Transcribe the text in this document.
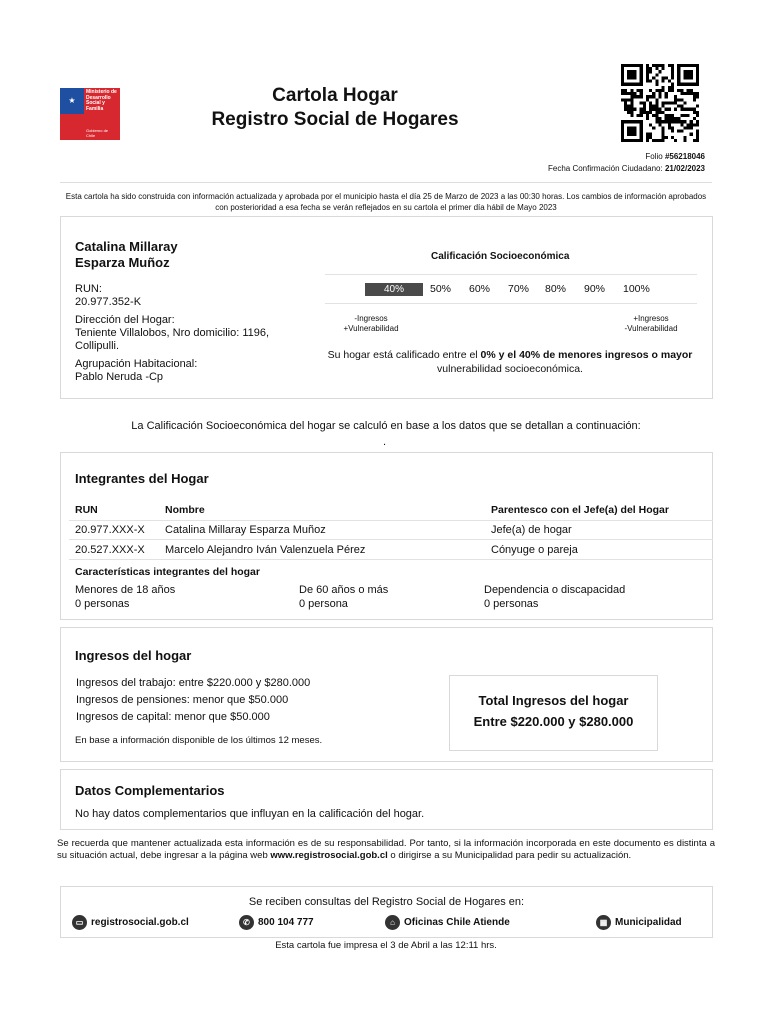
★
Ministerio de Desarrollo Social y Familia
Gobierno de Chile
Cartola Hogar
Registro Social de Hogares
Folio #56218046
Fecha Confirmación Ciudadano: 21/02/2023
Esta cartola ha sido construida con información actualizada y aprobada por el municipio hasta el día 25 de Marzo de 2023 a las 00:30 horas. Los cambios de información aprobados con posterioridad a esa fecha se verán reflejados en su cartola el primer día hábil de Mayo 2023
Catalina Millaray
Esparza Muñoz
RUN:
20.977.352-K
Dirección del Hogar:
Teniente Villalobos, Nro domicilio: 1196, Collipulli.
Agrupación Habitacional:
Pablo Neruda -Cp
Calificación Socioeconómica
40%	50% 60% 70% 80% 90% 100%
-Ingresos
+Vulnerabilidad
+Ingresos
-Vulnerabilidad
Su hogar está calificado entre el 0% y el 40% de menores ingresos o mayor vulnerabilidad socioeconómica.
La Calificación Socioeconómica del hogar se calculó en base a los datos que se detallan a continuación:
.
Integrantes del Hogar
RUN	Nombre	Parentesco con el Jefe(a) del Hogar
20.977.XXX-X Catalina Millaray Esparza Muñoz	Jefe(a) de hogar
20.527.XXX-X Marcelo Alejandro Iván Valenzuela Pérez	Cónyuge o pareja
Características integrantes del hogar
Menores de 18 años
0 personas
De 60 años o más
0 persona
Dependencia o discapacidad
0 personas
Ingresos del hogar
Ingresos del trabajo: entre $220.000 y $280.000
Ingresos de pensiones: menor que $50.000
Ingresos de capital: menor que $50.000
En base a información disponible de los últimos 12 meses.
Total Ingresos del hogar
Entre $220.000 y $280.000
Datos Complementarios
No hay datos complementarios que influyan en la calificación del hogar.
Se recuerda que mantener actualizada esta información es de su responsabilidad. Por tanto, si la información incorporada en este documento es distinta a su situación actual, debe ingresar a la página web www.registrosocial.gob.cl o dirigirse a su Municipalidad para pedir su actualización.
Se reciben consultas del Registro Social de Hogares en:
▭ registrosocial.gob.cl	✆ 800 104 777	⌂ Oficinas Chile Atiende	▦ Municipalidad
Esta cartola fue impresa el 3 de Abril a las 12:11 hrs.
